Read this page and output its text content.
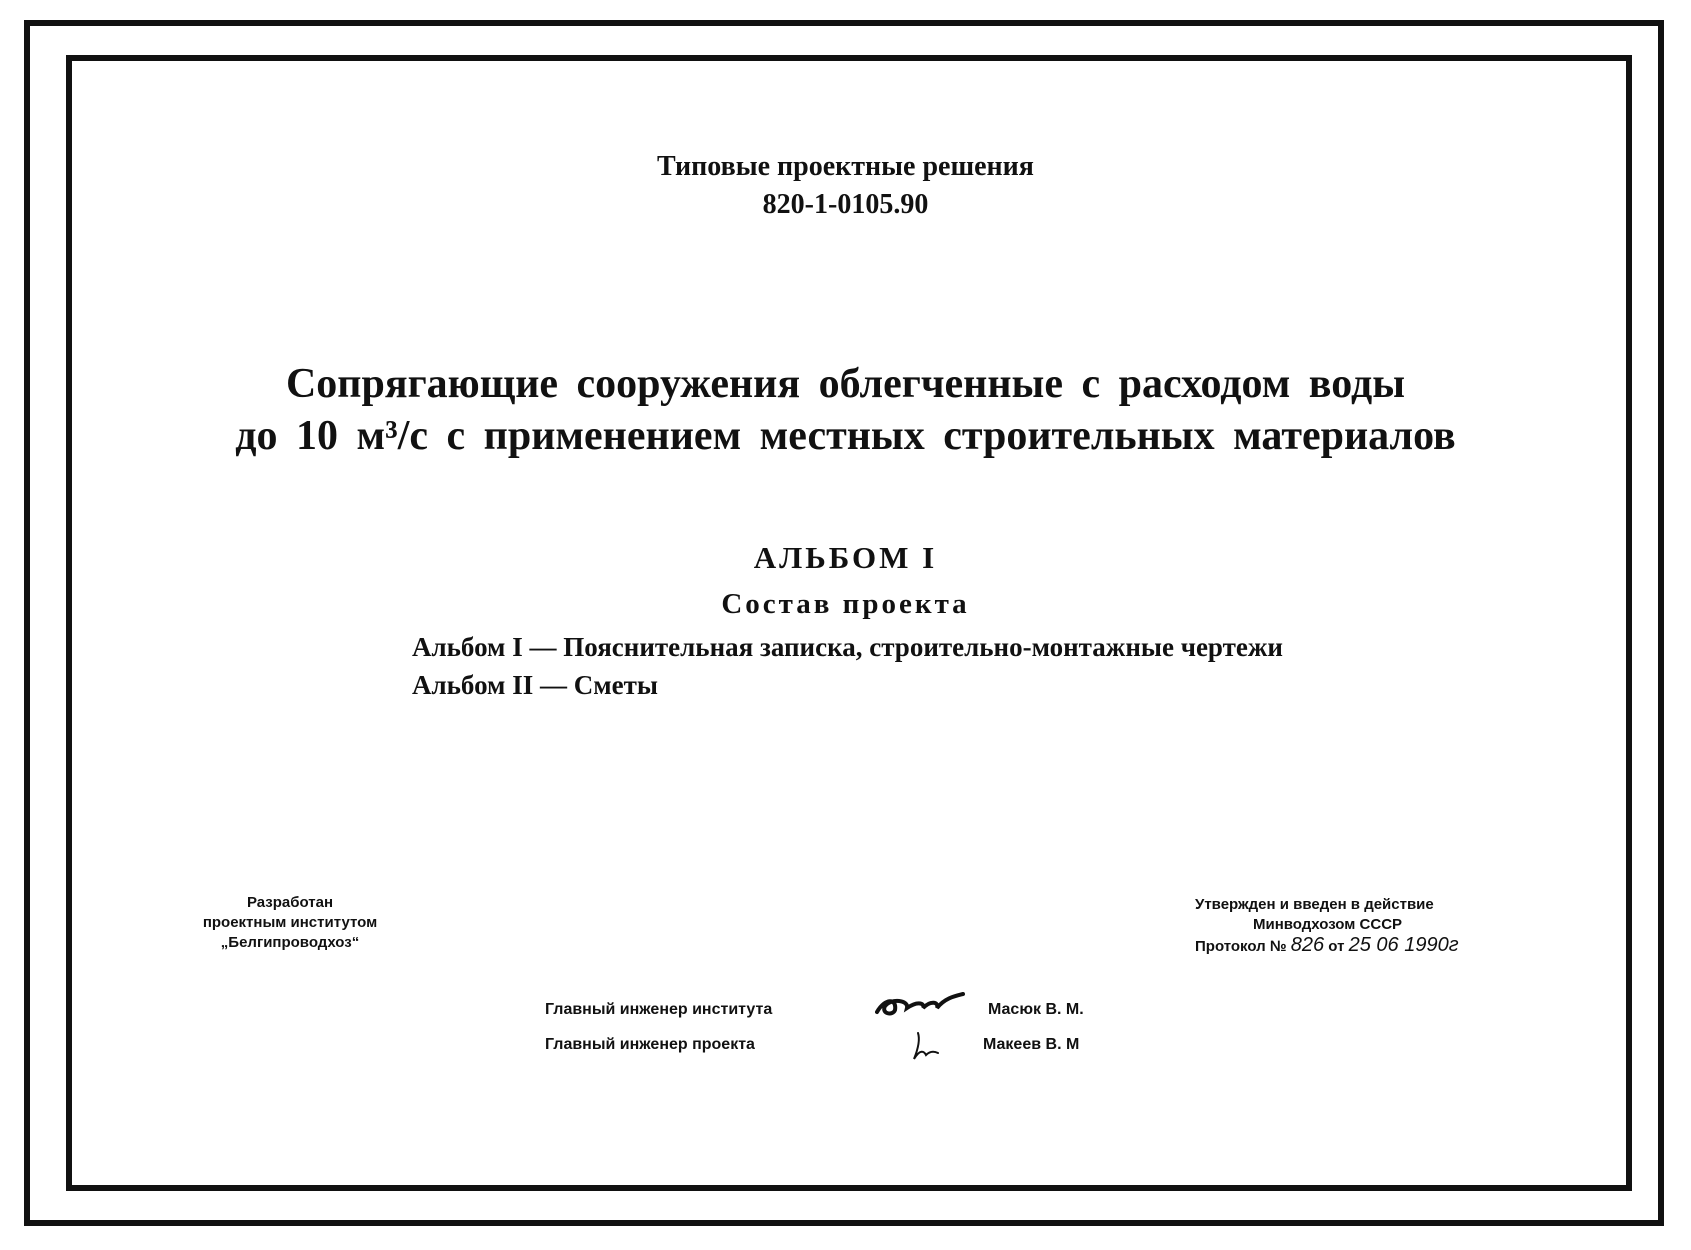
Типовые проектные решения
820-1-0105.90
Сопрягающие сооружения облегченные с расходом воды
до 10 м³/с с применением местных строительных материалов
АЛЬБОМ I
Состав проекта
Альбом I — Пояснительная записка, строительно-монтажные чертежи
Альбом II — Сметы
Разработан
проектным институтом
„Белгипроводхоз“
Утвержден и введен в действие
Минводхозом СССР
Протокол № 826 от 25 06 1990г
Главный инженер института	Масюк В. М.
Главный инженер проекта	Макеев В. М
